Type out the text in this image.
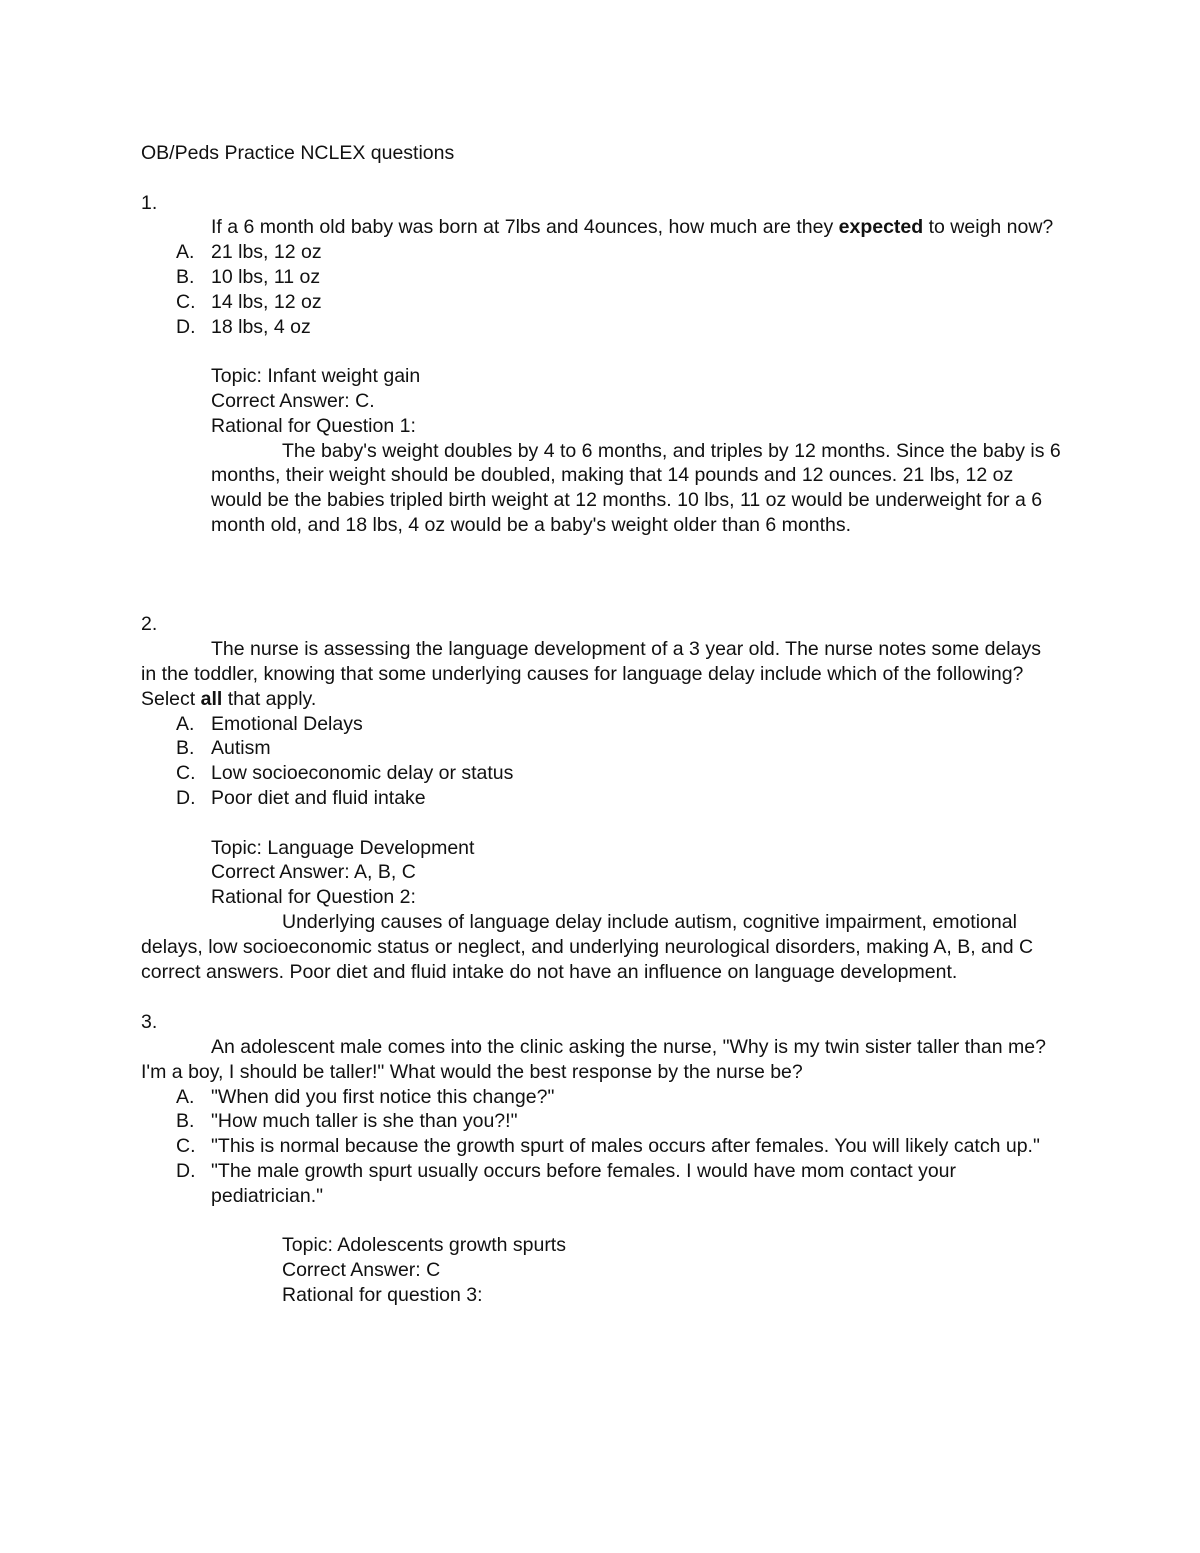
OB/Peds Practice NCLEX questions

1.

If a 6 month old baby was born at 7lbs and 4ounces, how much are they expected to weigh now?

A. 21 lbs, 12 oz
B. 10 lbs, 11 oz
C. 14 lbs, 12 oz
D. 18 lbs, 4 oz
Topic: Infant weight gain
Correct Answer: C.
Rational for Question 1:
The baby's weight doubles by 4 to 6 months, and triples by 12 months. Since the baby is 6 months, their weight should be doubled, making that 14 pounds and 12 ounces. 21 lbs, 12 oz would be the babies tripled birth weight at 12 months. 10 lbs, 11 oz would be underweight for a 6 month old, and 18 lbs, 4 oz would be a baby's weight older than 6 months.

2.

The nurse is assessing the language development of a 3 year old. The nurse notes some delays in the toddler, knowing that some underlying causes for language delay include which of the following? Select all that apply.

A. Emotional Delays
B. Autism
C. Low socioeconomic delay or status
D. Poor diet and fluid intake
Topic: Language Development
Correct Answer: A, B, C
Rational for Question 2:

Underlying causes of language delay include autism, cognitive impairment, emotional delays, low socioeconomic status or neglect, and underlying neurological disorders, making A, B, and C correct answers. Poor diet and fluid intake do not have an influence on language development.

3.

An adolescent male comes into the clinic asking the nurse, "Why is my twin sister taller than me? I'm a boy, I should be taller!" What would the best response by the nurse be?

A. "When did you first notice this change?"
B. "How much taller is she than you?!"
C. "This is normal because the growth spurt of males occurs after females. You will likely catch up."
D. "The male growth spurt usually occurs before females. I would have mom contact your pediatrician."
Topic: Adolescents growth spurts
Correct Answer: C
Rational for question 3:
